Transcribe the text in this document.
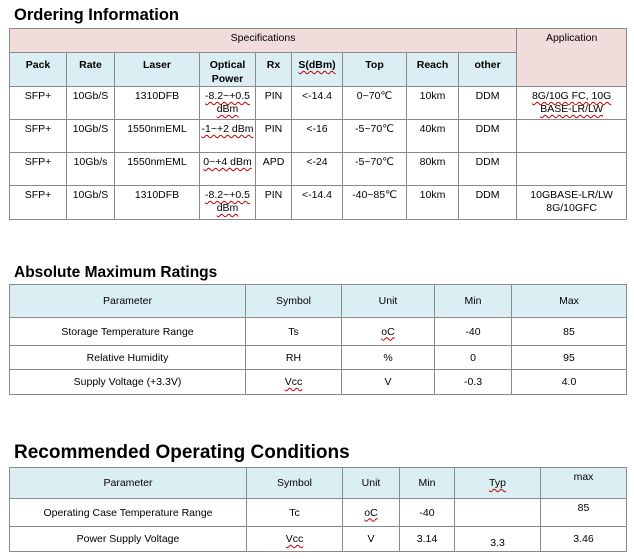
Ordering Information
Specifications									Application
Pack	Rate	Laser	Optical Power	Rx	S(dBm)	Top	Reach	other	
SFP+	10Gb/S	1310DFB	-8.2~+0.5 dBm	PIN	<-14.4	0~70℃	10km	DDM	8G/10G FC, 10G BASE-LR/LW
SFP+	10Gb/S	1550nmEML	-1~+2 dBm	PIN	<-16	-5~70℃	40km	DDM	
SFP+	10Gb/s	1550nmEML	0~+4 dBm	APD	<-24	-5~70℃	80km	DDM	
SFP+	10Gb/S	1310DFB	-8.2~+0.5 dBm	PIN	<-14.4	-40~85℃	10km	DDM	10GBASE-LR/LW 8G/10GFC
Absolute Maximum Ratings
Parameter	Symbol	Unit	Min	Max
Storage Temperature Range	Ts	oC	-40	85
Relative Humidity	RH	%	0	95
Supply Voltage (+3.3V)	Vcc	V	-0.3	4.0
Recommended Operating Conditions
Parameter	Symbol	Unit	Min	Typ	max
Operating Case Temperature Range	Tc	oC	-40		85
Power Supply Voltage	Vcc	V	3.14	3.3	3.46
